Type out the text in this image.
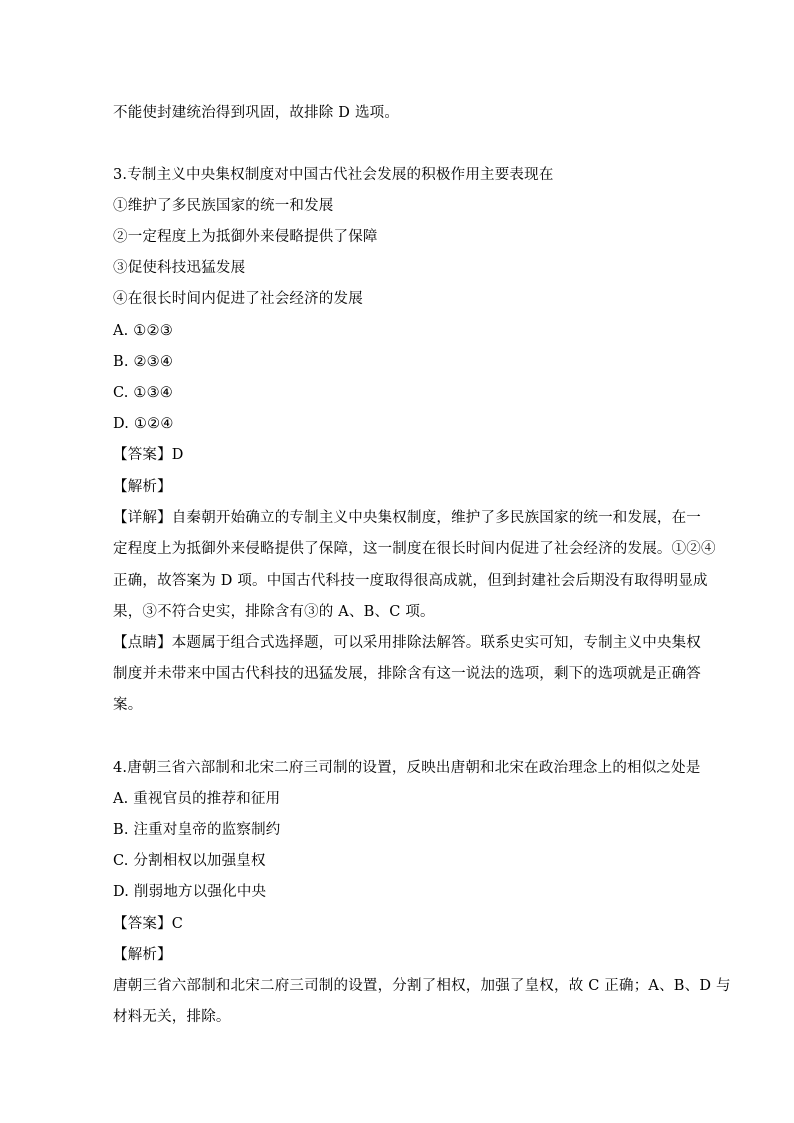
不能使封建统治得到巩固，故排除 D 选项。
3.专制主义中央集权制度对中国古代社会发展的积极作用主要表现在
①维护了多民族国家的统一和发展
②一定程度上为抵御外来侵略提供了保障
③促使科技迅猛发展
④在很长时间内促进了社会经济的发展
A. ①②③
B. ②③④
C. ①③④
D. ①②④
【答案】D
【解析】
【详解】自秦朝开始确立的专制主义中央集权制度，维护了多民族国家的统一和发展，在一
定程度上为抵御外来侵略提供了保障，这一制度在很长时间内促进了社会经济的发展。①②④
正确，故答案为 D 项。中国古代科技一度取得很高成就，但到封建社会后期没有取得明显成
果，③不符合史实，排除含有③的 A、B、C 项。
【点睛】本题属于组合式选择题，可以采用排除法解答。联系史实可知，专制主义中央集权
制度并未带来中国古代科技的迅猛发展，排除含有这一说法的选项，剩下的选项就是正确答
案。
4.唐朝三省六部制和北宋二府三司制的设置，反映出唐朝和北宋在政治理念上的相似之处是
A. 重视官员的推荐和征用
B. 注重对皇帝的监察制约
C. 分割相权以加强皇权
D. 削弱地方以强化中央
【答案】C
【解析】
唐朝三省六部制和北宋二府三司制的设置，分割了相权，加强了皇权，故 C 正确；A、B、D 与
材料无关，排除。
